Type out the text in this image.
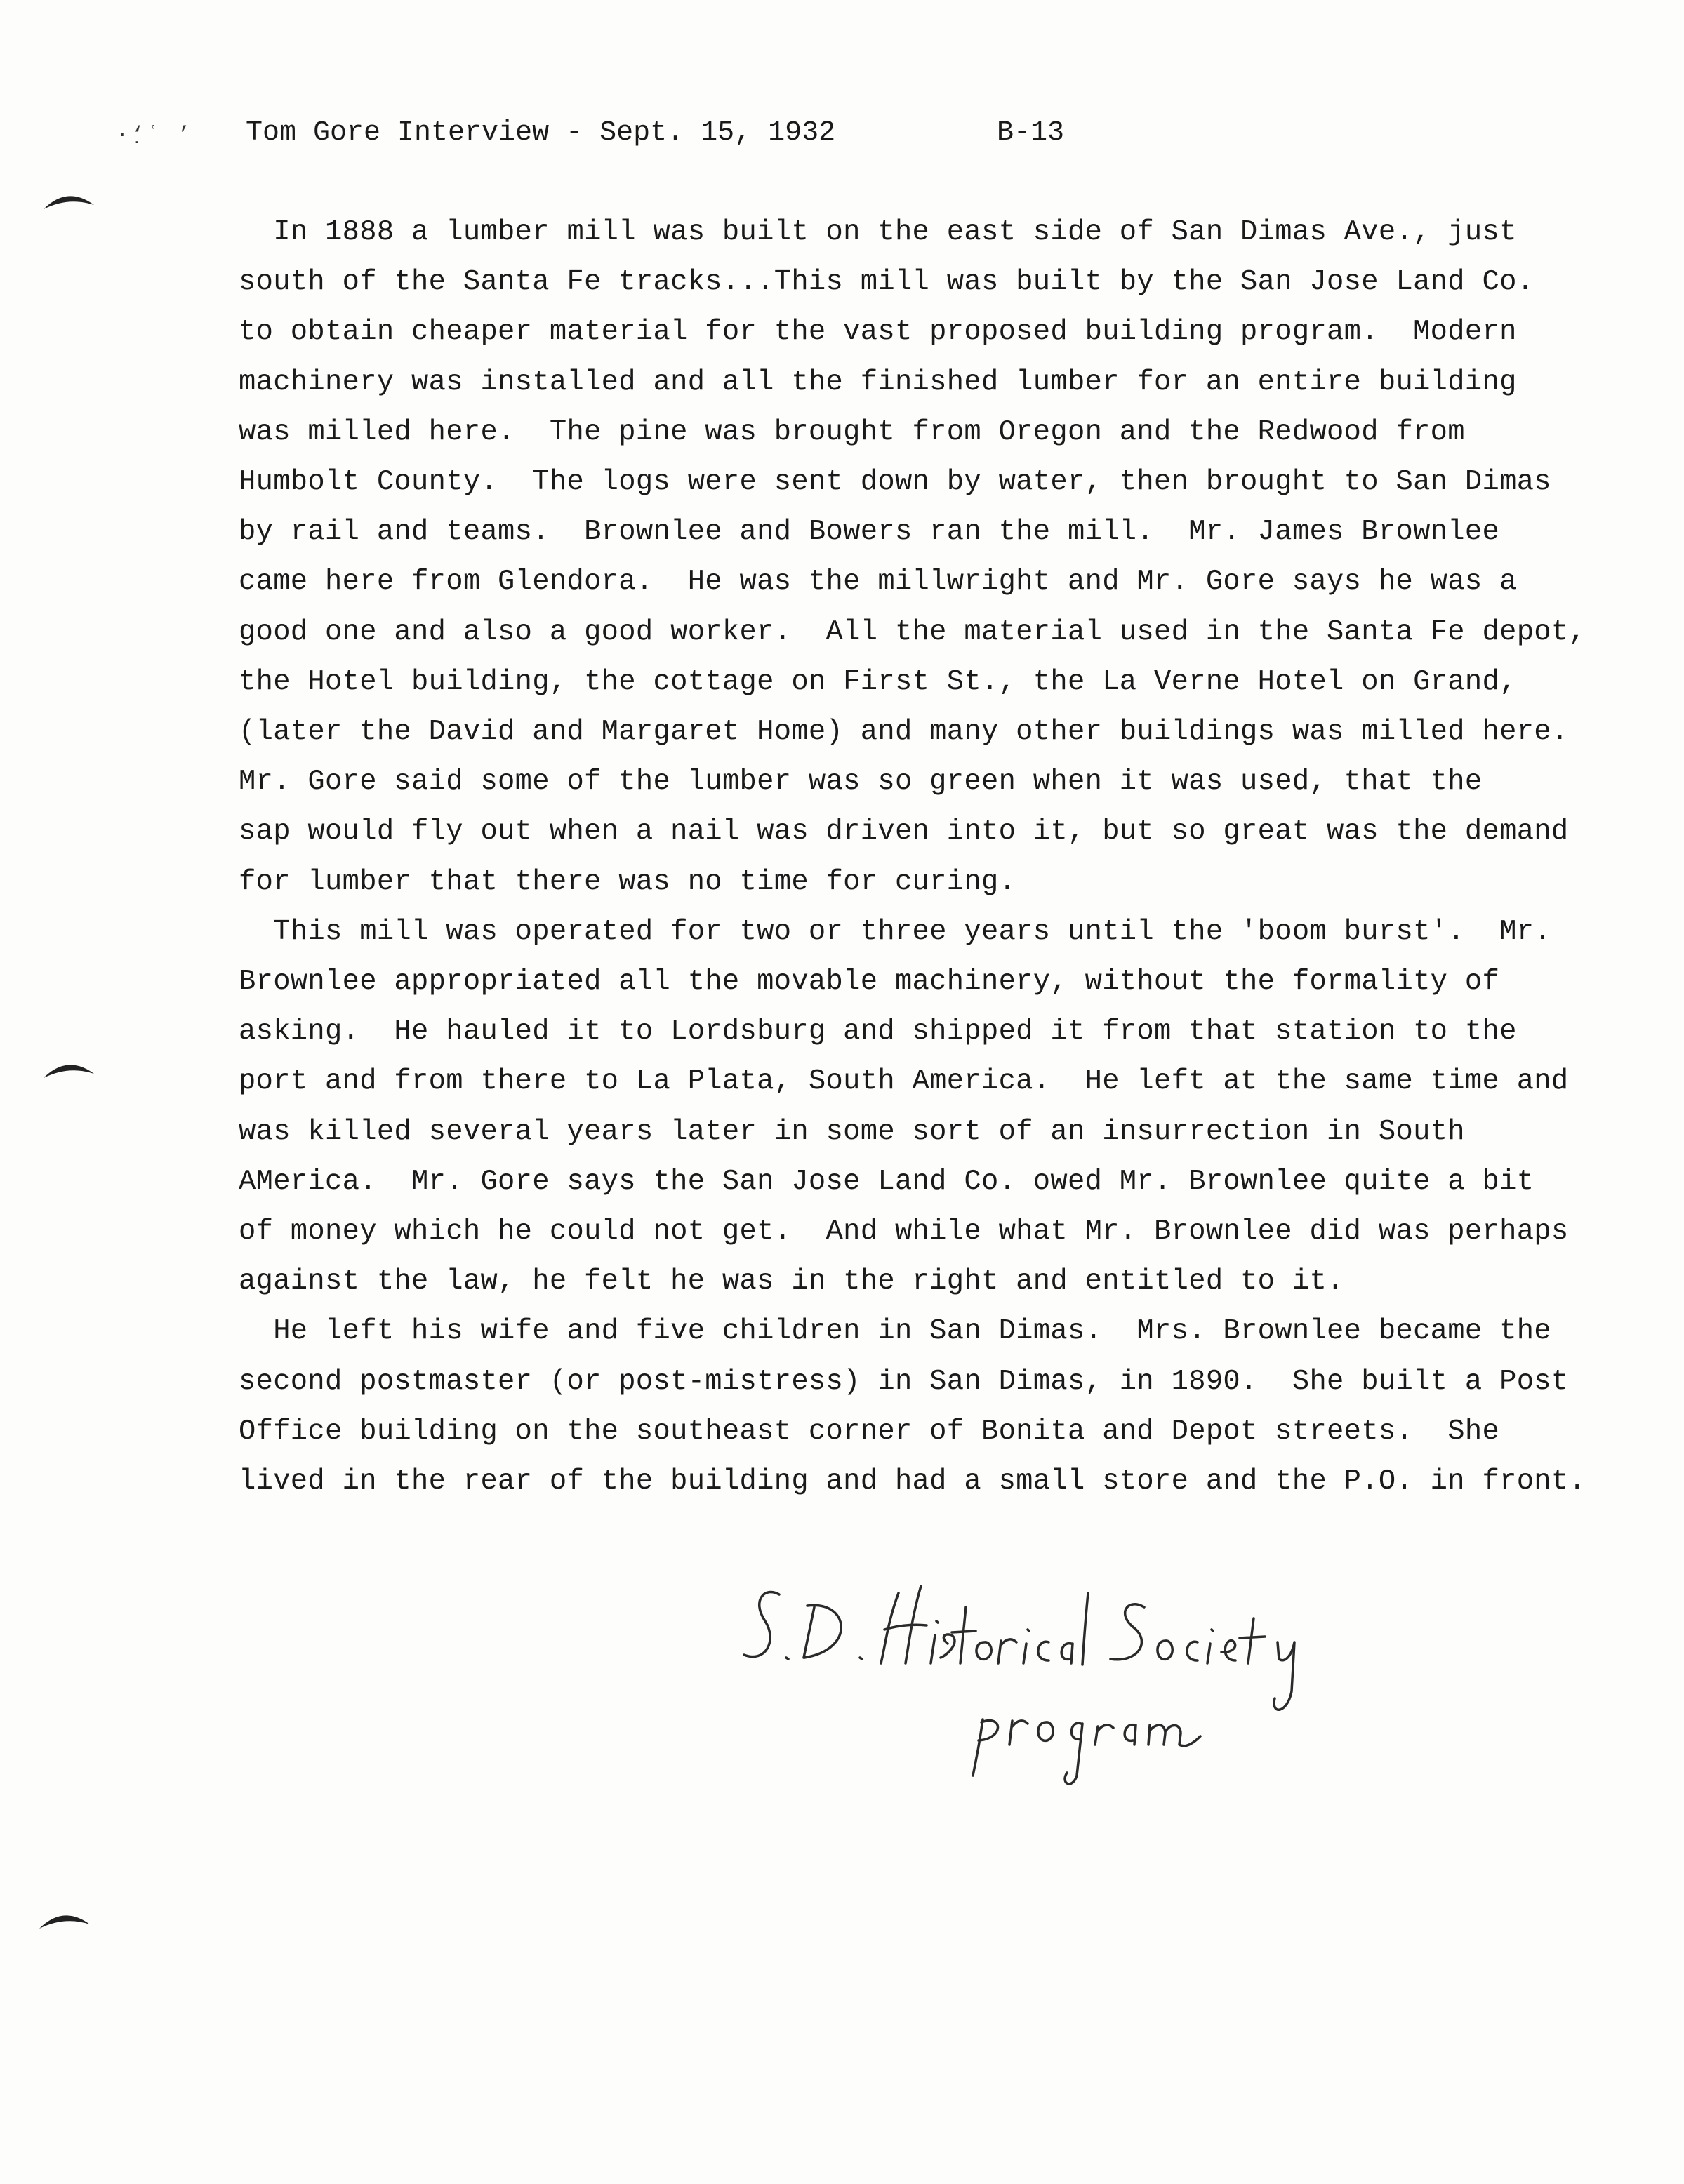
·‘̣ʿ ’ Tom Gore Interview - Sept. 15, 1932	B-13
In 1888 a lumber mill was built on the east side of San Dimas Ave., just
south of the Santa Fe tracks...This mill was built by the San Jose Land Co.
to obtain cheaper material for the vast proposed building program.  Modern
machinery was installed and all the finished lumber for an entire building
was milled here.  The pine was brought from Oregon and the Redwood from
Humbolt County.  The logs were sent down by water, then brought to San Dimas
by rail and teams.  Brownlee and Bowers ran the mill.  Mr. James Brownlee
came here from Glendora.  He was the millwright and Mr. Gore says he was a
good one and also a good worker.  All the material used in the Santa Fe depot,
the Hotel building, the cottage on First St., the La Verne Hotel on Grand,
(later the David and Margaret Home) and many other buildings was milled here.
Mr. Gore said some of the lumber was so green when it was used, that the
sap would fly out when a nail was driven into it, but so great was the demand
for lumber that there was no time for curing.
This mill was operated for two or three years until the 'boom burst'.  Mr.
Brownlee appropriated all the movable machinery, without the formality of
asking.  He hauled it to Lordsburg and shipped it from that station to the
port and from there to La Plata, South America.  He left at the same time and
was killed several years later in some sort of an insurrection in South
AMerica.  Mr. Gore says the San Jose Land Co. owed Mr. Brownlee quite a bit
of money which he could not get.  And while what Mr. Brownlee did was perhaps
against the law, he felt he was in the right and entitled to it.
He left his wife and five children in San Dimas.  Mrs. Brownlee became the
second postmaster (or post-mistress) in San Dimas, in 1890.  She built a Post
Office building on the southeast corner of Bonita and Depot streets.  She
lived in the rear of the building and had a small store and the P.O. in front.
